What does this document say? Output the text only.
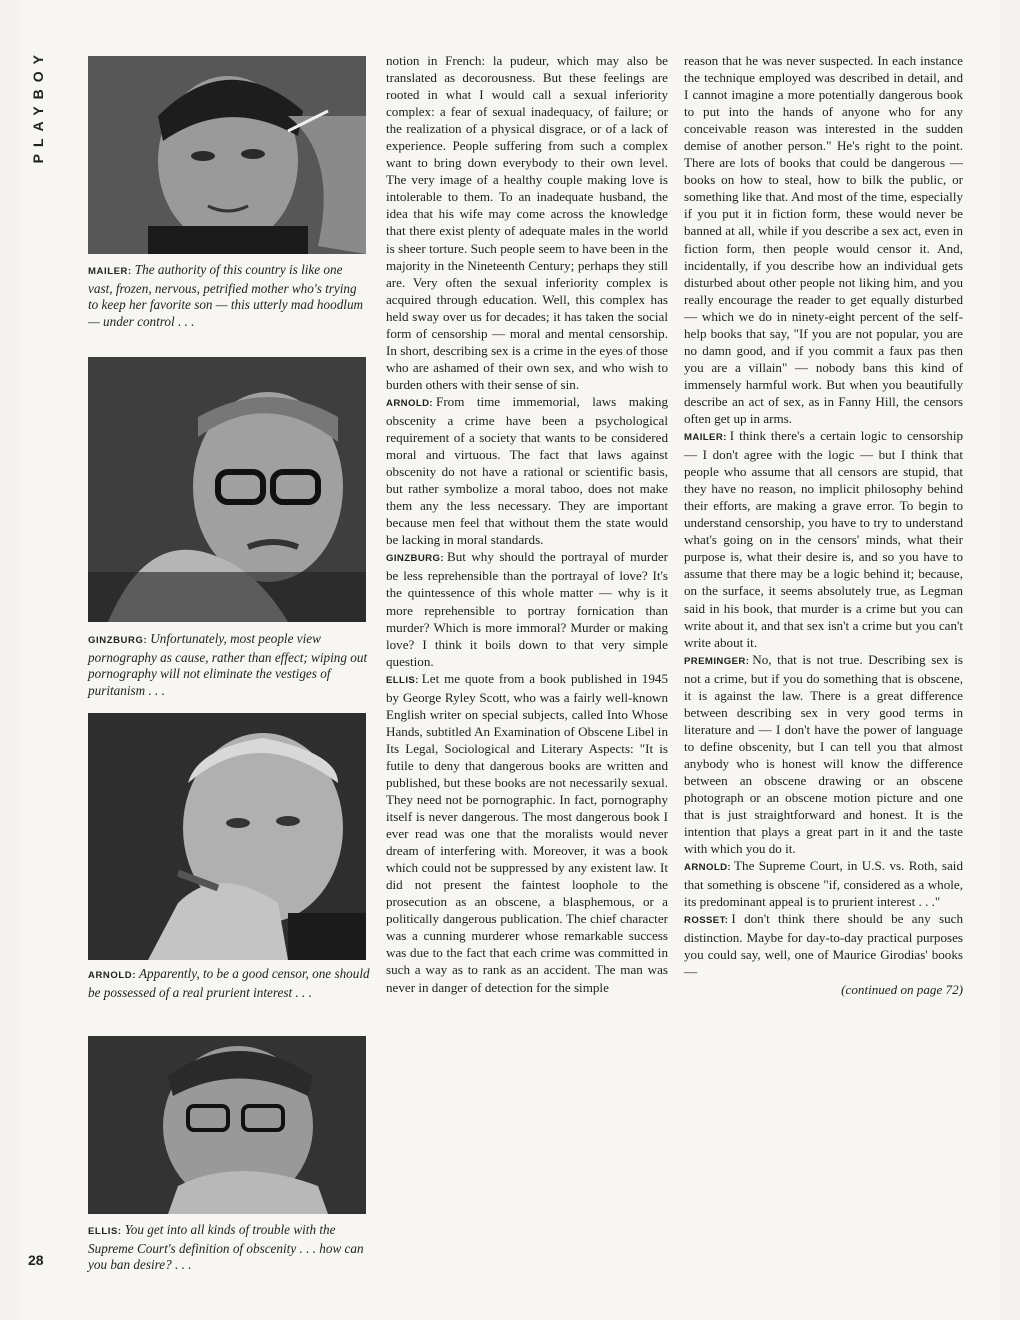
PLAYBOY
28
MAILER: The authority of this country is like one vast, frozen, nervous, petrified mother who's trying to keep her favorite son — this utterly mad hoodlum — under control . . .
GINZBURG: Unfortunately, most people view pornography as cause, rather than effect; wiping out pornography will not eliminate the vestiges of puritanism . . .
ARNOLD: Apparently, to be a good censor, one should be possessed of a real prurient interest . . .
ELLIS: You get into all kinds of trouble with the Supreme Court's definition of obscenity . . . how can you ban desire? . . .

notion in French: la pudeur, which may also be translated as decorousness. But these feelings are rooted in what I would call a sexual inferiority complex: a fear of sexual inadequacy, of failure; or the realization of a physical disgrace, or of a lack of experience. People suffering from such a complex want to bring down everybody to their own level. The very image of a healthy couple making love is intolerable to them. To an inadequate husband, the idea that his wife may come across the knowledge that there exist plenty of adequate males in the world is sheer torture. Such people seem to have been in the majority in the Nineteenth Century; perhaps they still are. Very often the sexual inferiority complex is acquired through education. Well, this complex has held sway over us for decades; it has taken the social form of censorship — moral and mental censorship. In short, describing sex is a crime in the eyes of those who are ashamed of their own sex, and who wish to burden others with their sense of sin.

ARNOLD: From time immemorial, laws making obscenity a crime have been a psychological requirement of a society that wants to be considered moral and virtuous. The fact that laws against obscenity do not have a rational or scientific basis, but rather symbolize a moral taboo, does not make them any the less necessary. They are important because men feel that without them the state would be lacking in moral standards.

GINZBURG: But why should the portrayal of murder be less reprehensible than the portrayal of love? It's the quintessence of this whole matter — why is it more reprehensible to portray fornication than murder? Which is more immoral? Murder or making love? I think it boils down to that very simple question.

ELLIS: Let me quote from a book published in 1945 by George Ryley Scott, who was a fairly well-known English writer on special subjects, called Into Whose Hands, subtitled An Examination of Obscene Libel in Its Legal, Sociological and Literary Aspects: "It is futile to deny that dangerous books are written and published, but these books are not necessarily sexual. They need not be pornographic. In fact, pornography itself is never dangerous. The most dangerous book I ever read was one that the moralists would never dream of interfering with. Moreover, it was a book which could not be suppressed by any existent law. It did not present the faintest loophole to the prosecution as an obscene, a blasphemous, or a politically dangerous publication. The chief character was a cunning murderer whose remarkable success was due to the fact that each crime was committed in such a way as to rank as an accident. The man was never in danger of detection for the simple

reason that he was never suspected. In each instance the technique employed was described in detail, and I cannot imagine a more potentially dangerous book to put into the hands of anyone who for any conceivable reason was interested in the sudden demise of another person." He's right to the point. There are lots of books that could be dangerous — books on how to steal, how to bilk the public, or something like that. And most of the time, especially if you put it in fiction form, these would never be banned at all, while if you describe a sex act, even in fiction form, then people would censor it. And, incidentally, if you describe how an individual gets disturbed about other people not liking him, and you really encourage the reader to get equally disturbed — which we do in ninety-eight percent of the self-help books that say, "If you are not popular, you are no damn good, and if you commit a faux pas then you are a villain" — nobody bans this kind of immensely harmful work. But when you beautifully describe an act of sex, as in Fanny Hill, the censors often get up in arms.

MAILER: I think there's a certain logic to censorship — I don't agree with the logic — but I think that people who assume that all censors are stupid, that they have no reason, no implicit philosophy behind their efforts, are making a grave error. To begin to understand censorship, you have to try to understand what's going on in the censors' minds, what their purpose is, what their desire is, and so you have to assume that there may be a logic behind it; because, on the surface, it seems absolutely true, as Legman said in his book, that murder is a crime but you can write about it, and that sex isn't a crime but you can't write about it.

PREMINGER: No, that is not true. Describing sex is not a crime, but if you do something that is obscene, it is against the law. There is a great difference between describing sex in very good terms in literature and — I don't have the power of language to define obscenity, but I can tell you that almost anybody who is honest will know the difference between an obscene drawing or an obscene photograph or an obscene motion picture and one that is just straightforward and honest. It is the intention that plays a great part in it and the taste with which you do it.

ARNOLD: The Supreme Court, in U.S. vs. Roth, said that something is obscene "if, considered as a whole, its predominant appeal is to prurient interest . . ."

ROSSET: I don't think there should be any such distinction. Maybe for day-to-day practical purposes you could say, well, one of Maurice Girodias' books —

(continued on page 72)
